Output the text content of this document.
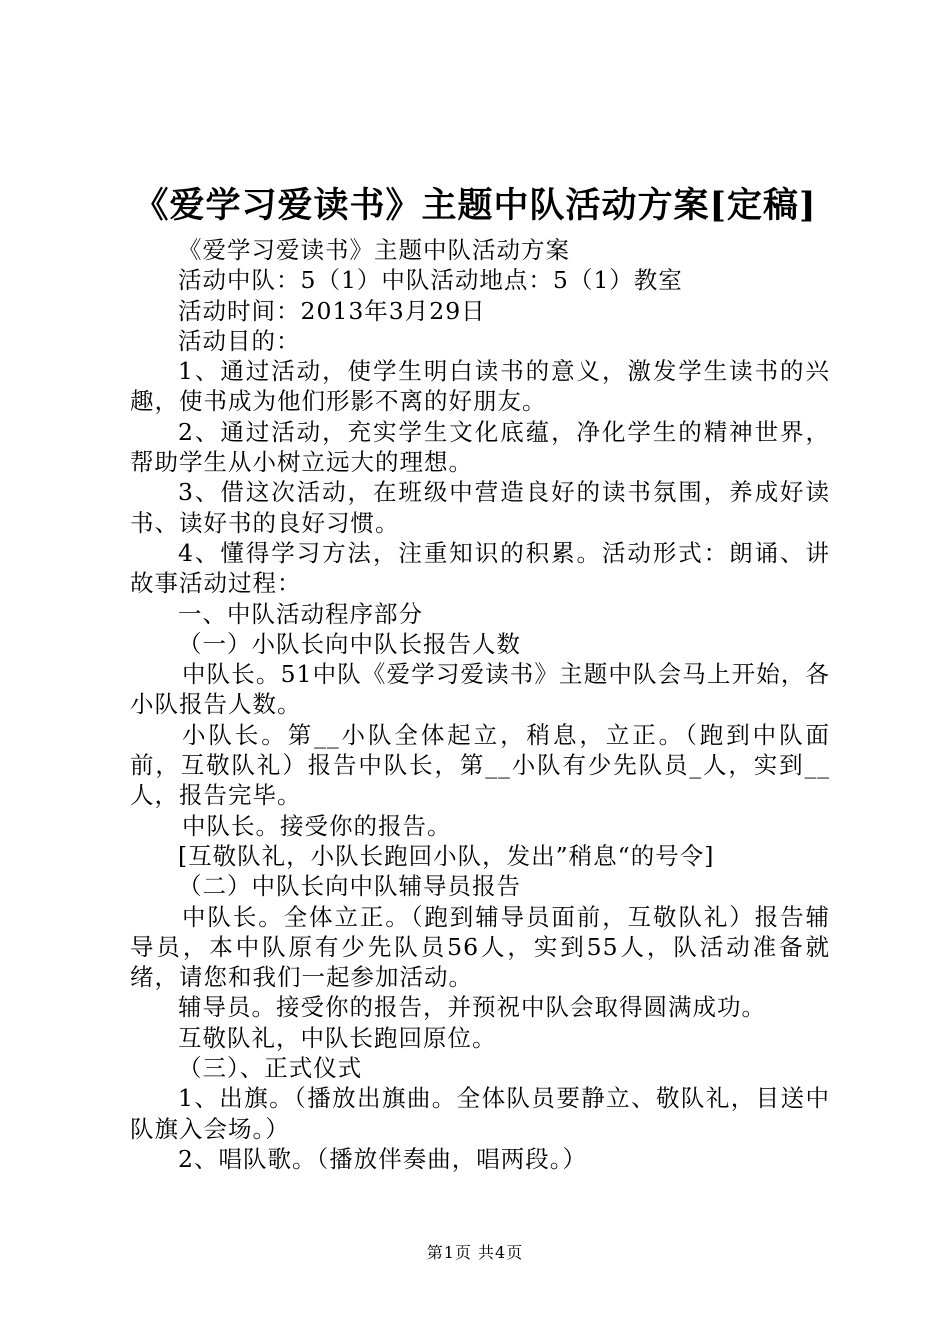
《爱学习爱读书》主题中队活动方案[定稿]

《爱学习爱读书》主题中队活动方案

活动中队：5（1）中队活动地点：5（1）教室

活动时间：2013年3月29日

活动目的：

1、通过活动，使学生明白读书的意义，激发学生读书的兴趣，使书成为他们形影不离的好朋友。

2、通过活动，充实学生文化底蕴，净化学生的精神世界，帮助学生从小树立远大的理想。

3、借这次活动，在班级中营造良好的读书氛围，养成好读书、读好书的良好习惯。

4、懂得学习方法，注重知识的积累。活动形式：朗诵、讲故事活动过程：

一、中队活动程序部分

（一）小队长向中队长报告人数

中队长。51中队《爱学习爱读书》主题中队会马上开始，各小队报告人数。

小队长。第__小队全体起立，稍息，立正。（跑到中队面前，互敬队礼）报告中队长，第__小队有少先队员_人，实到__人，报告完毕。

中队长。接受你的报告。

[互敬队礼，小队长跑回小队，发出”稍息“的号令]

（二）中队长向中队辅导员报告

中队长。全体立正。（跑到辅导员面前，互敬队礼）报告辅导员，本中队原有少先队员56人，实到55人，队活动准备就绪，请您和我们一起参加活动。

辅导员。接受你的报告，并预祝中队会取得圆满成功。

互敬队礼，中队长跑回原位。

（三）、正式仪式

1、出旗。（播放出旗曲。全体队员要静立、敬队礼，目送中队旗入会场。）

2、唱队歌。（播放伴奏曲，唱两段。）

第1页 共4页
